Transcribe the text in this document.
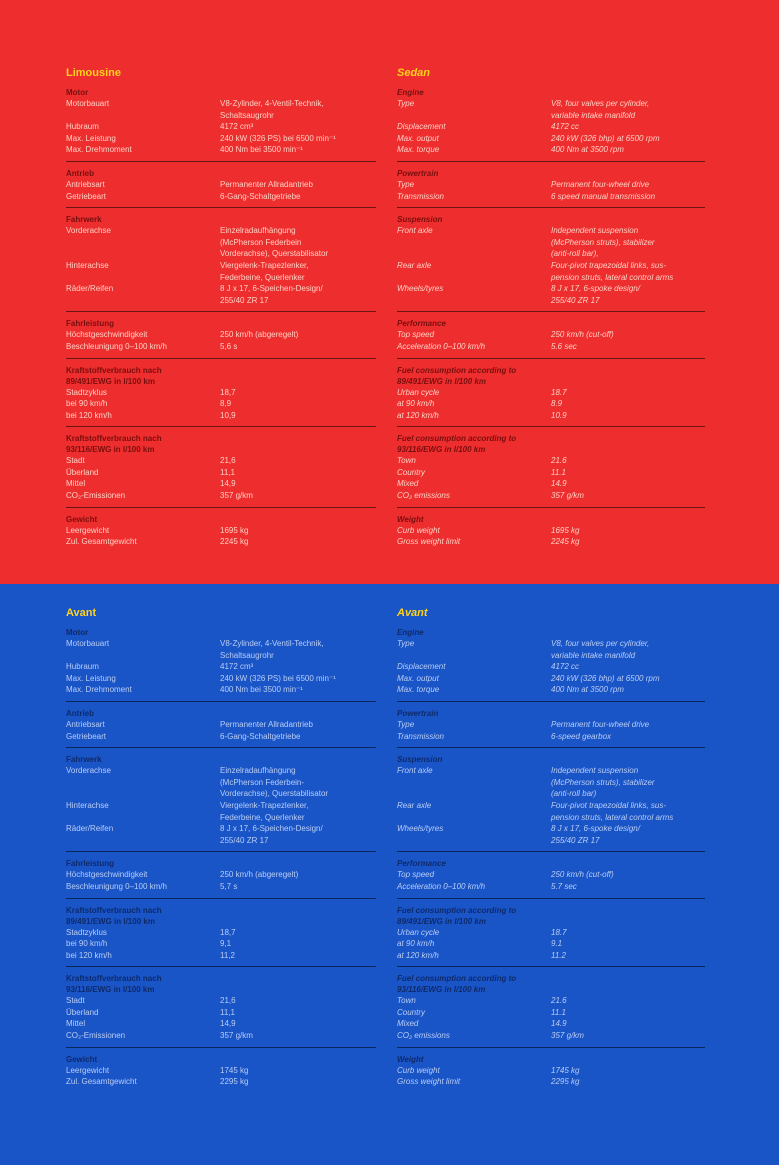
Limousine
Motor
Motorbauart	V8-Zylinder, 4-Ventil-Technik,
Schaltsaugrohr
Hubraum	4172 cm³
Max. Leistung	240 kW (326 PS) bei 6500 min⁻¹
Max. Drehmoment	400 Nm bei 3500 min⁻¹
Antrieb
Antriebsart	Permanenter Allradantrieb
Getriebeart	6-Gang-Schaltgetriebe
Fahrwerk
Vorderachse	Einzelradaufhängung
(McPherson Federbein
Vorderachse), Querstabilisator
Hinterachse	Viergelenk-Trapezlenker,
Federbeine, Querlenker
Räder/Reifen	8 J x 17, 6-Speichen-Design/
255/40 ZR 17
Fahrleistung
Höchstgeschwindigkeit	250 km/h (abgeregelt)
Beschleunigung 0–100 km/h	5,6 s
Kraftstoffverbrauch nach
89/491/EWG in l/100 km
Stadtzyklus	18,7
bei 90 km/h	8,9
bei 120 km/h	10,9
Kraftstoffverbrauch nach
93/116/EWG in l/100 km
Stadt	21,6
Überland	11,1
Mittel	14,9
CO₂-Emissionen	357 g/km
Gewicht
Leergewicht	1695 kg
Zul. Gesamtgewicht	2245 kg
Sedan
Engine
Type	V8, four valves per cylinder,
variable intake manifold
Displacement	4172 cc
Max. output	240 kW (326 bhp) at 6500 rpm
Max. torque	400 Nm at 3500 rpm
Powertrain
Type	Permanent four-wheel drive
Transmission	6 speed manual transmission
Suspension
Front axle	Independent suspension
(McPherson struts), stabilizer
(anti-roll bar),
Rear axle	Four-pivot trapezoidal links, sus-
pension struts, lateral control arms
Wheels/tyres	8 J x 17, 6-spoke design/
255/40 ZR 17
Performance
Top speed	250 km/h (cut-off)
Acceleration 0–100 km/h	5.6 sec
Fuel consumption according to
89/491/EWG in l/100 km
Urban cycle	18.7
at 90 km/h	8.9
at 120 km/h	10.9
Fuel consumption according to
93/116/EWG in l/100 km
Town	21.6
Country	11.1
Mixed	14.9
CO₂ emissions	357 g/km
Weight
Curb weight	1695 kg
Gross weight limit	2245 kg
Avant
Motor
Motorbauart	V8-Zylinder, 4-Ventil-Technik,
Schaltsaugrohr
Hubraum	4172 cm³
Max. Leistung	240 kW (326 PS) bei 6500 min⁻¹
Max. Drehmoment	400 Nm bei 3500 min⁻¹
Antrieb
Antriebsart	Permanenter Allradantrieb
Getriebeart	6-Gang-Schaltgetriebe
Fahrwerk
Vorderachse	Einzelradaufhängung
(McPherson Federbein-
Vorderachse), Querstabilisator
Hinterachse	Viergelenk-Trapezlenker,
Federbeine, Querlenker
Räder/Reifen	8 J x 17, 6-Speichen-Design/
255/40 ZR 17
Fahrleistung
Höchstgeschwindigkeit	250 km/h (abgeregelt)
Beschleunigung 0–100 km/h	5,7 s
Kraftstoffverbrauch nach
89/491/EWG in l/100 km
Stadtzyklus	18,7
bei 90 km/h	9,1
bei 120 km/h	11,2
Kraftstoffverbrauch nach
93/116/EWG in l/100 km
Stadt	21,6
Überland	11,1
Mittel	14,9
CO₂-Emissionen	357 g/km
Gewicht
Leergewicht	1745 kg
Zul. Gesamtgewicht	2295 kg
Avant
Engine
Type	V8, four valves per cylinder,
variable intake manifold
Displacement	4172 cc
Max. output	240 kW (326 bhp) at 6500 rpm
Max. torque	400 Nm at 3500 rpm
Powertrain
Type	Permanent four-wheel drive
Transmission	6-speed gearbox
Suspension
Front axle	Independent suspension
(McPherson struts), stabilizer
(anti-roll bar)
Rear axle	Four-pivot trapezoidal links, sus-
pension struts, lateral control arms
Wheels/tyres	8 J x 17, 6-spoke design/
255/40 ZR 17
Performance
Top speed	250 km/h (cut-off)
Acceleration 0–100 km/h	5.7 sec
Fuel consumption according to
89/491/EWG in l/100 km
Urban cycle	18.7
at 90 km/h	9.1
at 120 km/h	11.2
Fuel consumption according to
93/116/EWG in l/100 km
Town	21.6
Country	11.1
Mixed	14.9
CO₂ emissions	357 g/km
Weight
Curb weight	1745 kg
Gross weight limit	2295 kg
